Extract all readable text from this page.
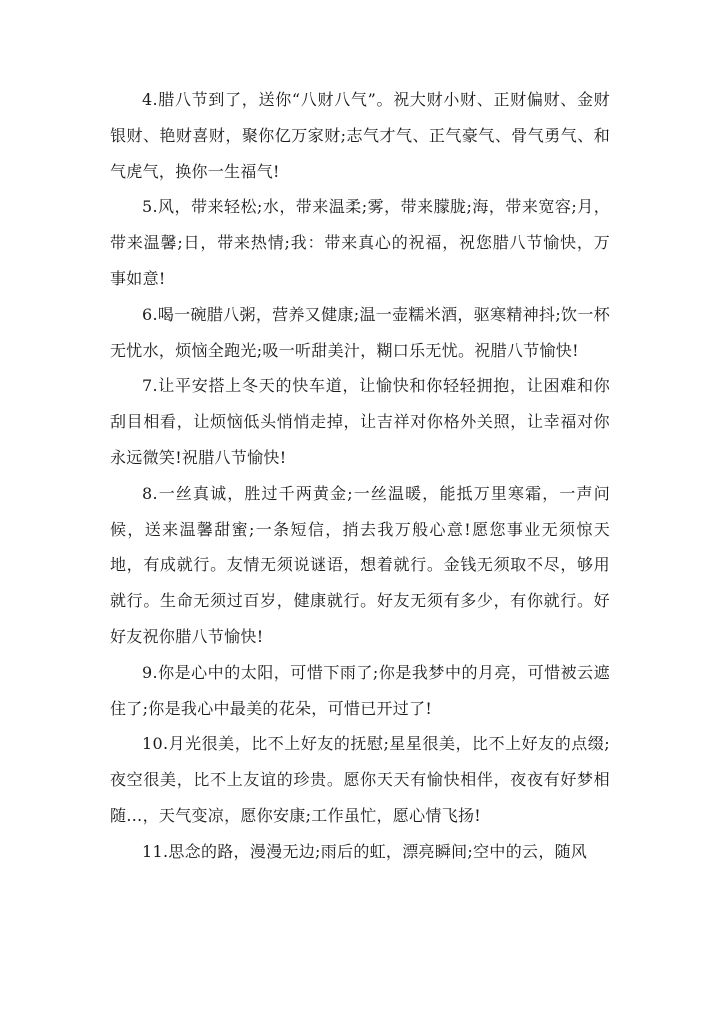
4.腊八节到了，送你“八财八气”。祝大财小财、正财偏财、金财银财、艳财喜财，聚你亿万家财;志气才气、正气豪气、骨气勇气、和气虎气，换你一生福气!

5.风，带来轻松;水，带来温柔;雾，带来朦胧;海，带来宽容;月，带来温馨;日，带来热情;我：带来真心的祝福，祝您腊八节愉快，万事如意!

6.喝一碗腊八粥，营养又健康;温一壶糯米酒，驱寒精神抖;饮一杯无忧水，烦恼全跑光;吸一听甜美汁，糊口乐无忧。祝腊八节愉快!

7.让平安搭上冬天的快车道，让愉快和你轻轻拥抱，让困难和你刮目相看，让烦恼低头悄悄走掉，让吉祥对你格外关照，让幸福对你永远微笑!祝腊八节愉快!

8.一丝真诚，胜过千两黄金;一丝温暖，能抵万里寒霜，一声问候，送来温馨甜蜜;一条短信，捎去我万般心意!愿您事业无须惊天地，有成就行。友情无须说谜语，想着就行。金钱无须取不尽，够用就行。生命无须过百岁，健康就行。好友无须有多少，有你就行。好好友祝你腊八节愉快!

9.你是心中的太阳，可惜下雨了;你是我梦中的月亮，可惜被云遮住了;你是我心中最美的花朵，可惜已开过了!

10.月光很美，比不上好友的抚慰;星星很美，比不上好友的点缀;夜空很美，比不上友谊的珍贵。愿你天天有愉快相伴，夜夜有好梦相随…，天气变凉，愿你安康;工作虽忙，愿心情飞扬!

11.思念的路，漫漫无边;雨后的虹，漂亮瞬间;空中的云，随风
